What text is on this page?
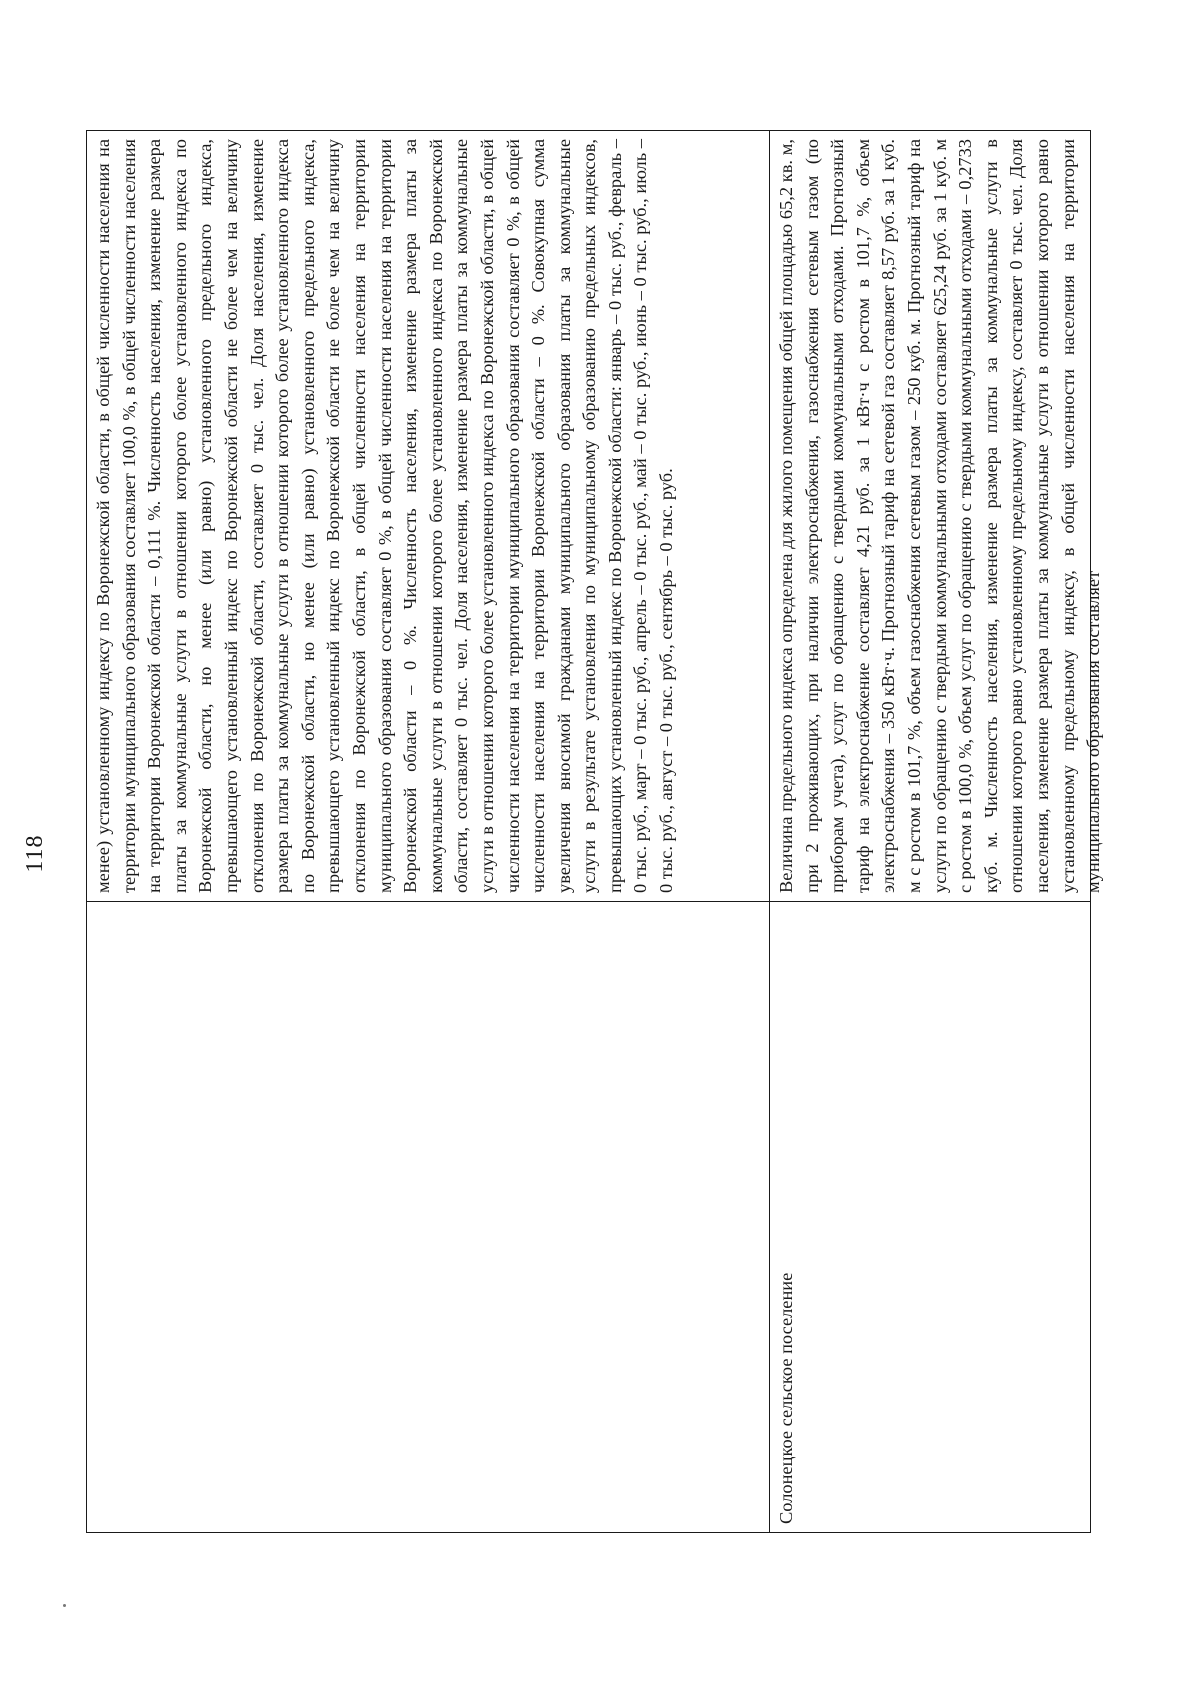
118

	менее) установленному индексу по Воронежской области, в общей численности населения на территории муниципального образования составляет 100,0 %, в общей численности населения на территории Воронежской области – 0,111 %. Численность населения, изменение размера платы за коммунальные услуги в отношении которого более установленного индекса по Воронежской области, но менее (или равно) установленного предельного индекса, превышающего установленный индекс по Воронежской области не более чем на величину отклонения по Воронежской области, составляет 0 тыс. чел. Доля населения, изменение размера платы за коммунальные услуги в отношении которого более установленного индекса по Воронежской области, но менее (или равно) установленного предельного индекса, превышающего установленный индекс по Воронежской области не более чем на величину отклонения по Воронежской области, в общей численности населения на территории муниципального образования составляет 0 %, в общей численности населения на территории Воронежской области – 0 %. Численность населения, изменение размера платы за коммунальные услуги в отношении которого более установленного индекса по Воронежской области, составляет 0 тыс. чел. Доля населения, изменение размера платы за коммунальные услуги в отношении которого более установленного индекса по Воронежской области, в общей численности населения на территории муниципального образования составляет 0 %, в общей численности населения на территории Воронежской области – 0 %. Совокупная сумма увеличения вносимой гражданами муниципального образования платы за коммунальные услуги в результате установления по муниципальному образованию предельных индексов, превышающих установленный индекс по Воронежской области: январь – 0 тыс. руб., февраль – 0 тыс. руб., март – 0 тыс. руб., апрель – 0 тыс. руб., май – 0 тыс. руб., июнь – 0 тыс. руб., июль – 0 тыс. руб., август – 0 тыс. руб., сентябрь – 0 тыс. руб.

Солонецкое сельское поселение	Величина предельного индекса определена для жилого помещения общей площадью 65,2 кв. м, при 2 проживающих, при наличии электроснабжения, газоснабжения сетевым газом (по приборам учета), услуг по обращению с твердыми коммунальными отходами. Прогнозный тариф на электроснабжение составляет 4,21 руб. за 1 кВт·ч с ростом в 101,7 %, объем электроснабжения – 350 кВт·ч. Прогнозный тариф на сетевой газ составляет 8,57 руб. за 1 куб. м с ростом в 101,7 %, объем газоснабжения сетевым газом – 250 куб. м. Прогнозный тариф на услуги по обращению с твердыми коммунальными отходами составляет 625,24 руб. за 1 куб. м с ростом в 100,0 %, объем услуг по обращению с твердыми коммунальными отходами – 0,2733 куб. м. Численность населения, изменение размера платы за коммунальные услуги в отношении которого равно установленному предельному индексу, составляет 0 тыс. чел. Доля населения, изменение размера платы за коммунальные услуги в отношении которого равно установленному предельному индексу, в общей численности населения на территории муниципального образования составляет
